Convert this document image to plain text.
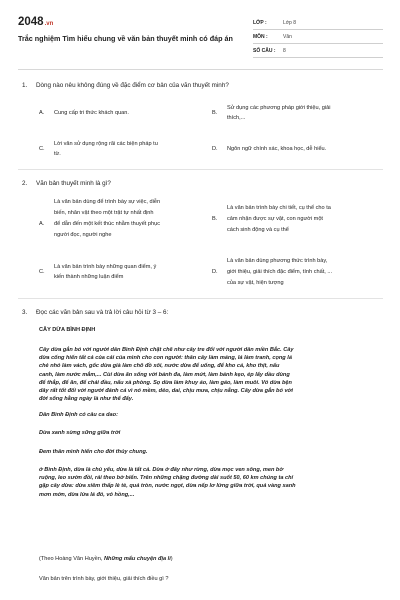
2048.vn
Trắc nghiệm Tìm hiểu chung về văn bản thuyết minh có đáp án
LỚP :	Lớp 8
MÔN :	Văn
SỐ CÂU :	8
1. Dòng nào nêu không đúng về đặc điểm cơ bản của văn thuyết minh?
A. Cung cấp tri thức khách quan.	B.
Sử dụng các phương pháp giới thiệu, giải
thích,...
C.
Lời văn sử dụng rộng rãi các biện pháp tu
từ.
D. Ngôn ngữ chính xác, khoa học, dễ hiểu.
2. Văn bản thuyết minh là gì?
A.
Là văn bản dùng để trình bày sự việc, diễn
biến, nhân vật theo một trật tự nhất định
để dẫn đến một kết thúc nhằm thuyết phục
người đọc, người nghe
B.
Là văn bản trình bày chi tiết, cụ thể cho ta
cảm nhận được sự vật, con người một
cách sinh động và cụ thể
C.
Là văn bản trình bày những quan điểm, ý
kiến thành những luận điểm
D.
Là văn bản dùng phương thức trình bày,
giới thiệu, giải thích đặc điểm, tính chất, ...
của sự vật, hiện tượng
3. Đọc các văn bản sau và trả lời câu hỏi từ 3 – 6:
CÂY DỪA BÌNH ĐỊNH
Cây dừa gắn bó với người dân Bình Định chặt chẽ như cây tre đối với người dân miền Bắc. Cây
dừa cống hiến tất cả của cải của mình cho con người: thân cây làm máng, lá làm tranh, cọng lá
chẻ nhỏ làm vách, gốc dừa già làm chõ đồ xôi, nước dừa để uống, để kho cá, kho thịt, nấu
canh, làm nước mắm,... Cùi dừa ăn sống với bánh đa, làm mứt, làm bánh kẹo, ép lấy dầu dùng
để thắp, để ăn, để chải đầu, nấu xà phòng. Sọ dừa làm khuy áo, làm gáo, làm muôi. Vỏ dừa bện
dây rất tốt đối với người đánh cá vì nó mềm, dẻo, dai, chịu mưa, chịu nắng. Cây dừa gắn bó với
đời sống hằng ngày là như thế đấy.
Dân Bình Định có câu ca dao:
Dừa xanh sừng sững giữa trời
Đem thân mình hiến cho đời thủy chung.
ở Bình Định, dừa là chủ yếu, dừa là tất cả. Dừa ở đây như rừng, dừa mọc ven sông, men bờ
ruộng, leo sườn đồi, rải theo bờ biển. Trên những chặng đường dài suốt 50, 60 km chúng ta chỉ
gặp cây dừa: dừa xiêm thấp lè tè, quả tròn, nước ngọt, dừa nếp lơ lửng giữa trời, quả vàng xanh
mơn mởn, dừa lửa lá đỏ, vỏ hồng,...
(Theo Hoàng Văn Huyền, Những mẩu chuyện địa lí)
Văn bản trên trình bày, giới thiệu, giải thích điều gì ?
